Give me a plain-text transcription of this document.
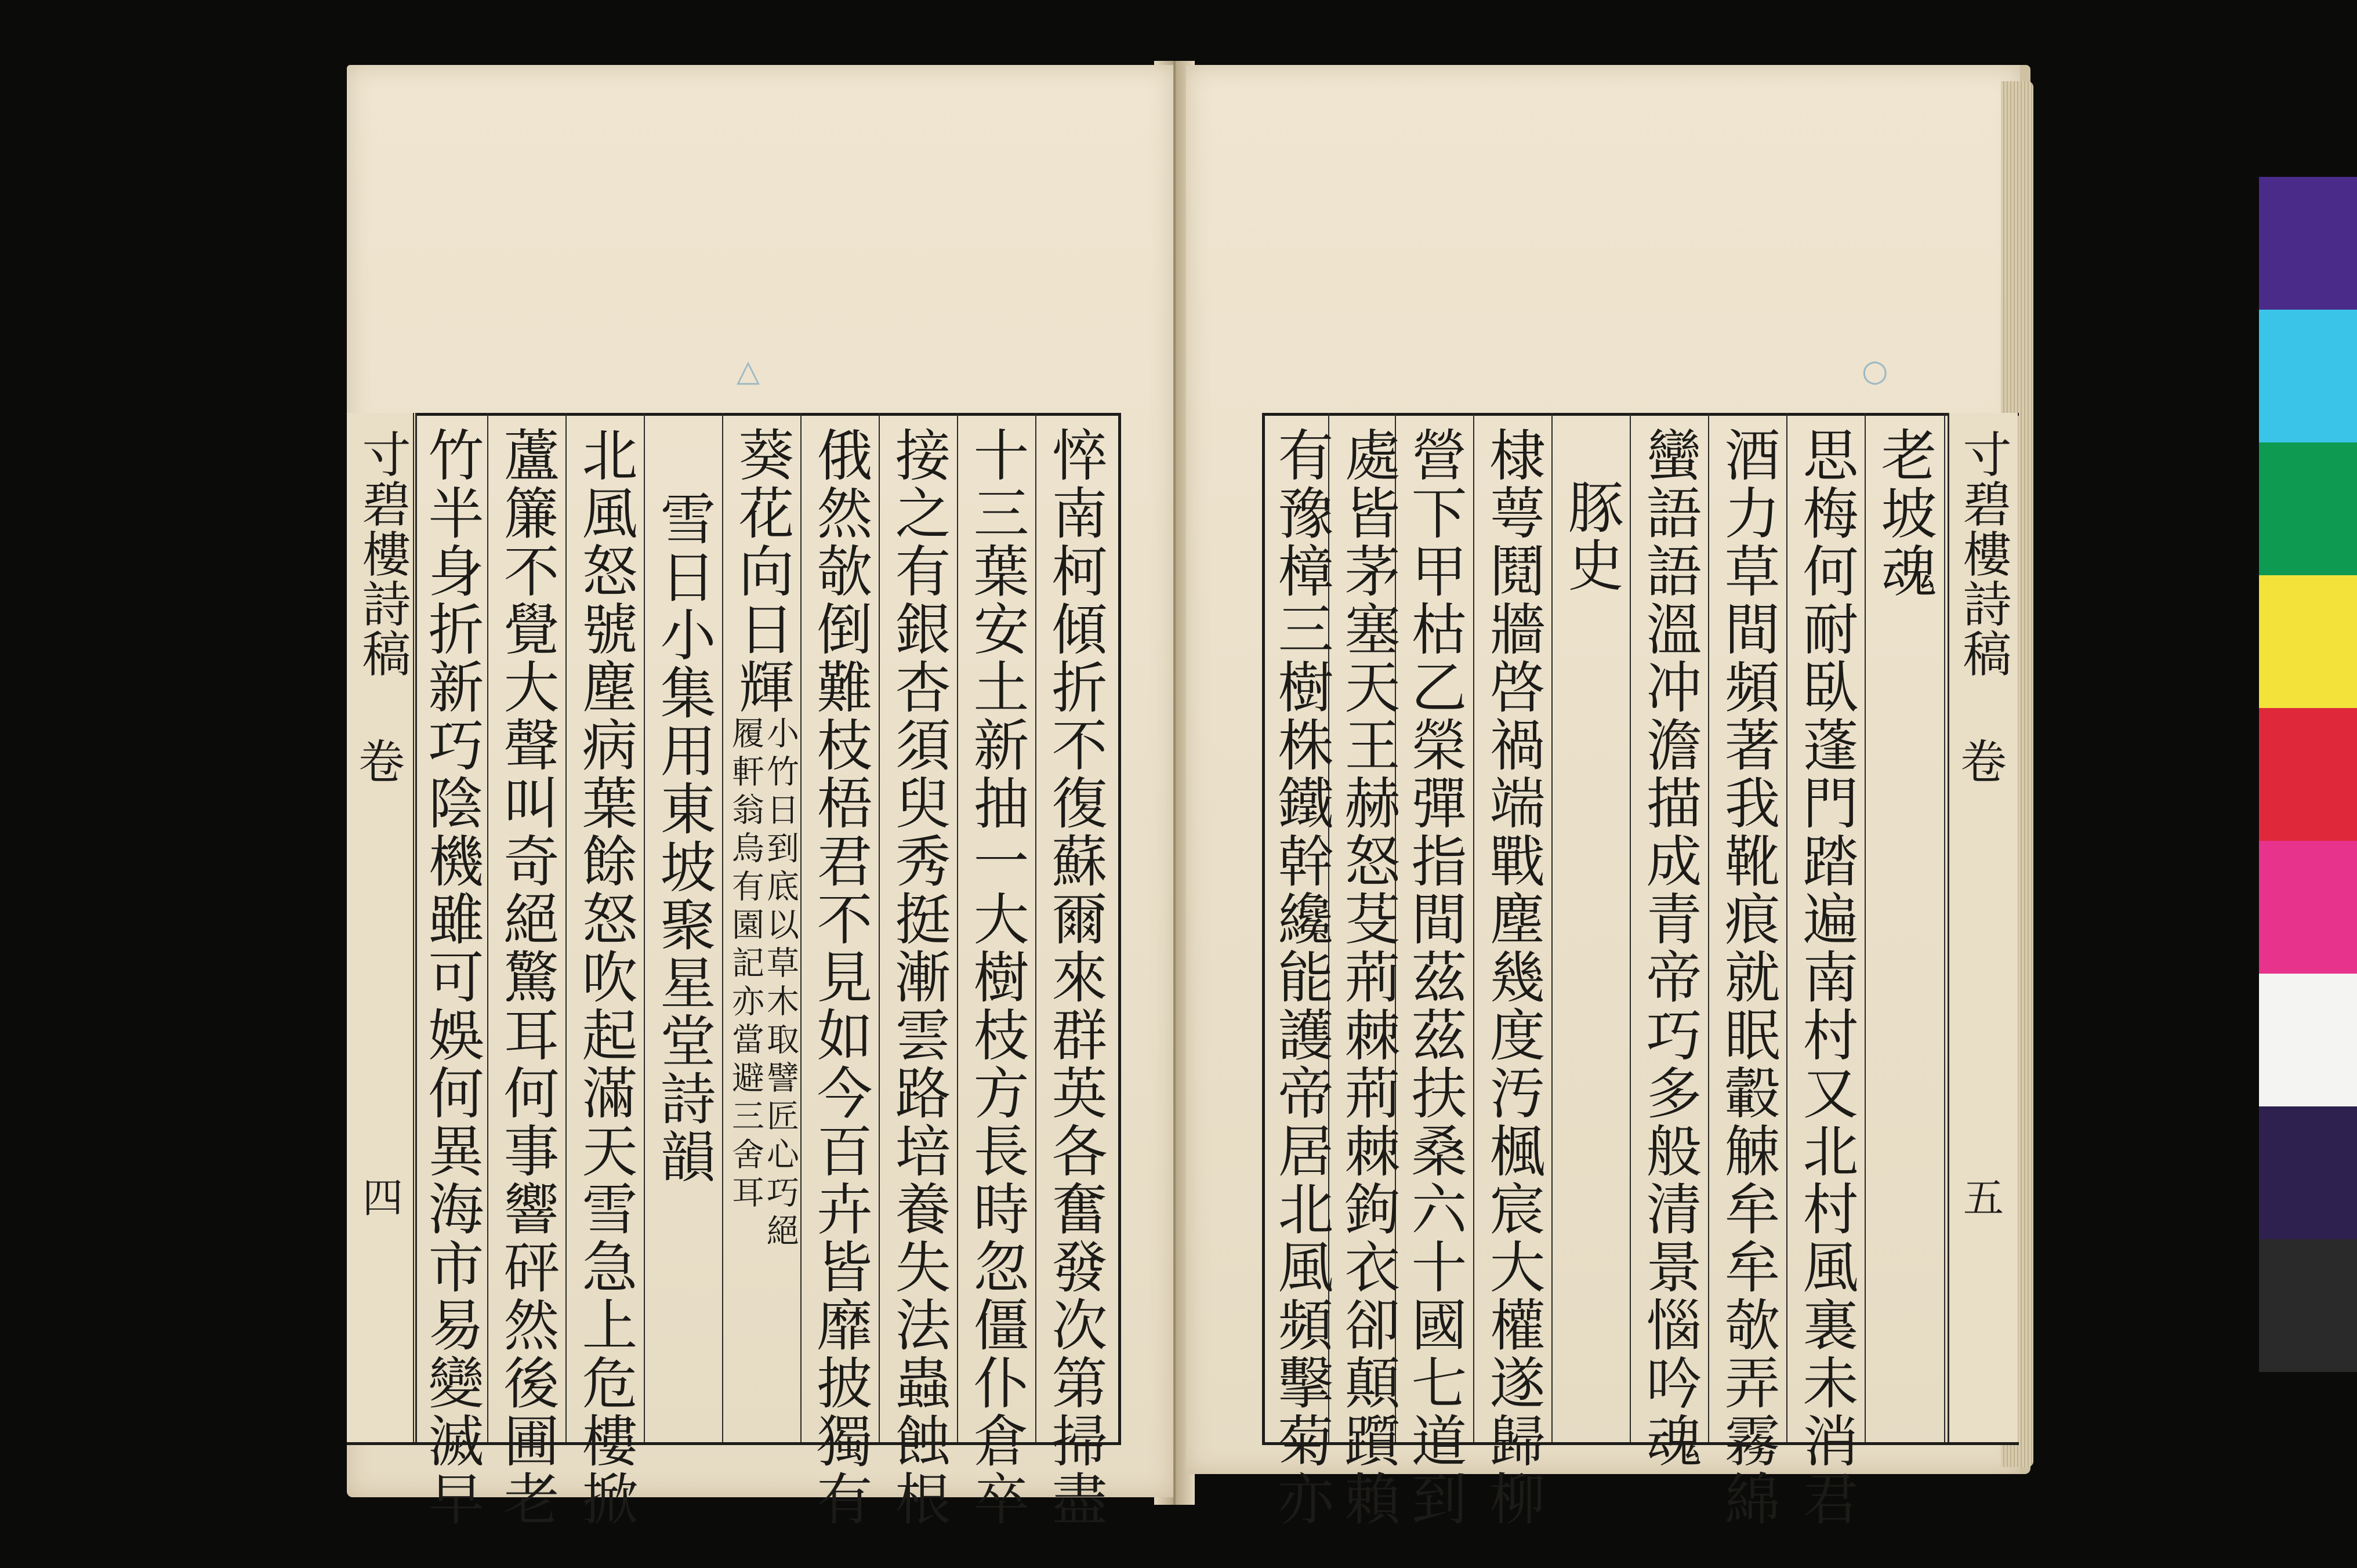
△	○
寸碧樓詩稿
卷
四	悴南柯傾折不復蘇爾來群英各奮發次第掃盡
十三葉安土新抽一大樹枝方長時忽僵仆倉卒
接之有銀杏須臾秀挺漸雲路培養失法蟲蝕根
俄然欹倒難枝梧君不見如今百卉皆靡披獨有
葵花向日輝
小竹日到底以草木取譬匠心巧絕
履軒翁烏有園記亦當避三舍耳
雪日小集用東坡聚星堂詩韻
北風怒號塵病葉餘怒吹起滿天雪急上危樓掀
蘆簾不覺大聲叫奇絕驚耳何事響砰然後圃老
竹半身折新巧陰機雖可娛何異海市易變滅早	寸碧樓詩稿
卷
五
老坡魂
思梅何耐臥蓬門踏遍南村又北村風裏未消君
酒力草間頻著我靴痕就眠轂觫牟牟欹弄霧綿
蠻語語溫冲澹描成青帝巧多般清景惱吟魂
豚史
棣萼鬩牆啓禍端戰塵幾度汚楓宸大權遂歸柳
營下甲枯乙榮彈指間茲茲扶桑六十國七道到
處皆茅塞天王赫怒芟荊棘荊棘鉤衣卻顛躓賴
有豫樟三樹株鐵幹纔能護帝居北風頻擊菊亦
